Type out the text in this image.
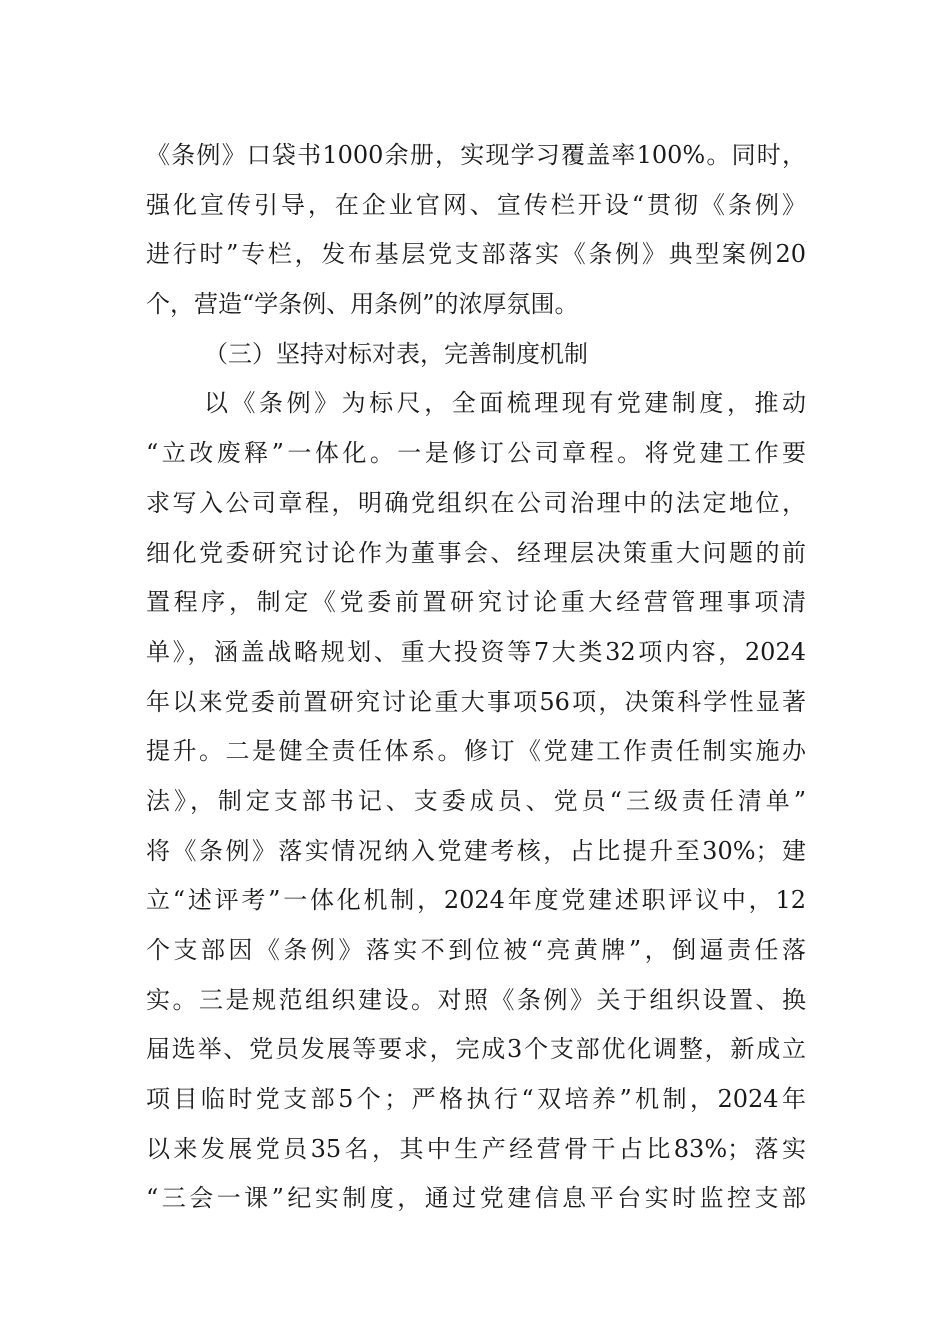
《条例》口袋书1000余册，实现学习覆盖率100%。同时，
强化宣传引导，在企业官网、宣传栏开设“贯彻《条例》
进行时”专栏，发布基层党支部落实《条例》典型案例20
个，营造“学条例、用条例”的浓厚氛围。
（三）坚持对标对表，完善制度机制
以《条例》为标尺，全面梳理现有党建制度，推动
“立改废释”一体化。一是修订公司章程。将党建工作要
求写入公司章程，明确党组织在公司治理中的法定地位，
细化党委研究讨论作为董事会、经理层决策重大问题的前
置程序，制定《党委前置研究讨论重大经营管理事项清
单》，涵盖战略规划、重大投资等7大类32项内容，2024
年以来党委前置研究讨论重大事项56项，决策科学性显著
提升。二是健全责任体系。修订《党建工作责任制实施办
法》，制定支部书记、支委成员、党员“三级责任清单”
将《条例》落实情况纳入党建考核，占比提升至30%；建
立“述评考”一体化机制，2024年度党建述职评议中，12
个支部因《条例》落实不到位被“亮黄牌”，倒逼责任落
实。三是规范组织建设。对照《条例》关于组织设置、换
届选举、党员发展等要求，完成3个支部优化调整，新成立
项目临时党支部5个；严格执行“双培养”机制，2024年
以来发展党员35名，其中生产经营骨干占比83%；落实
“三会一课”纪实制度，通过党建信息平台实时监控支部
